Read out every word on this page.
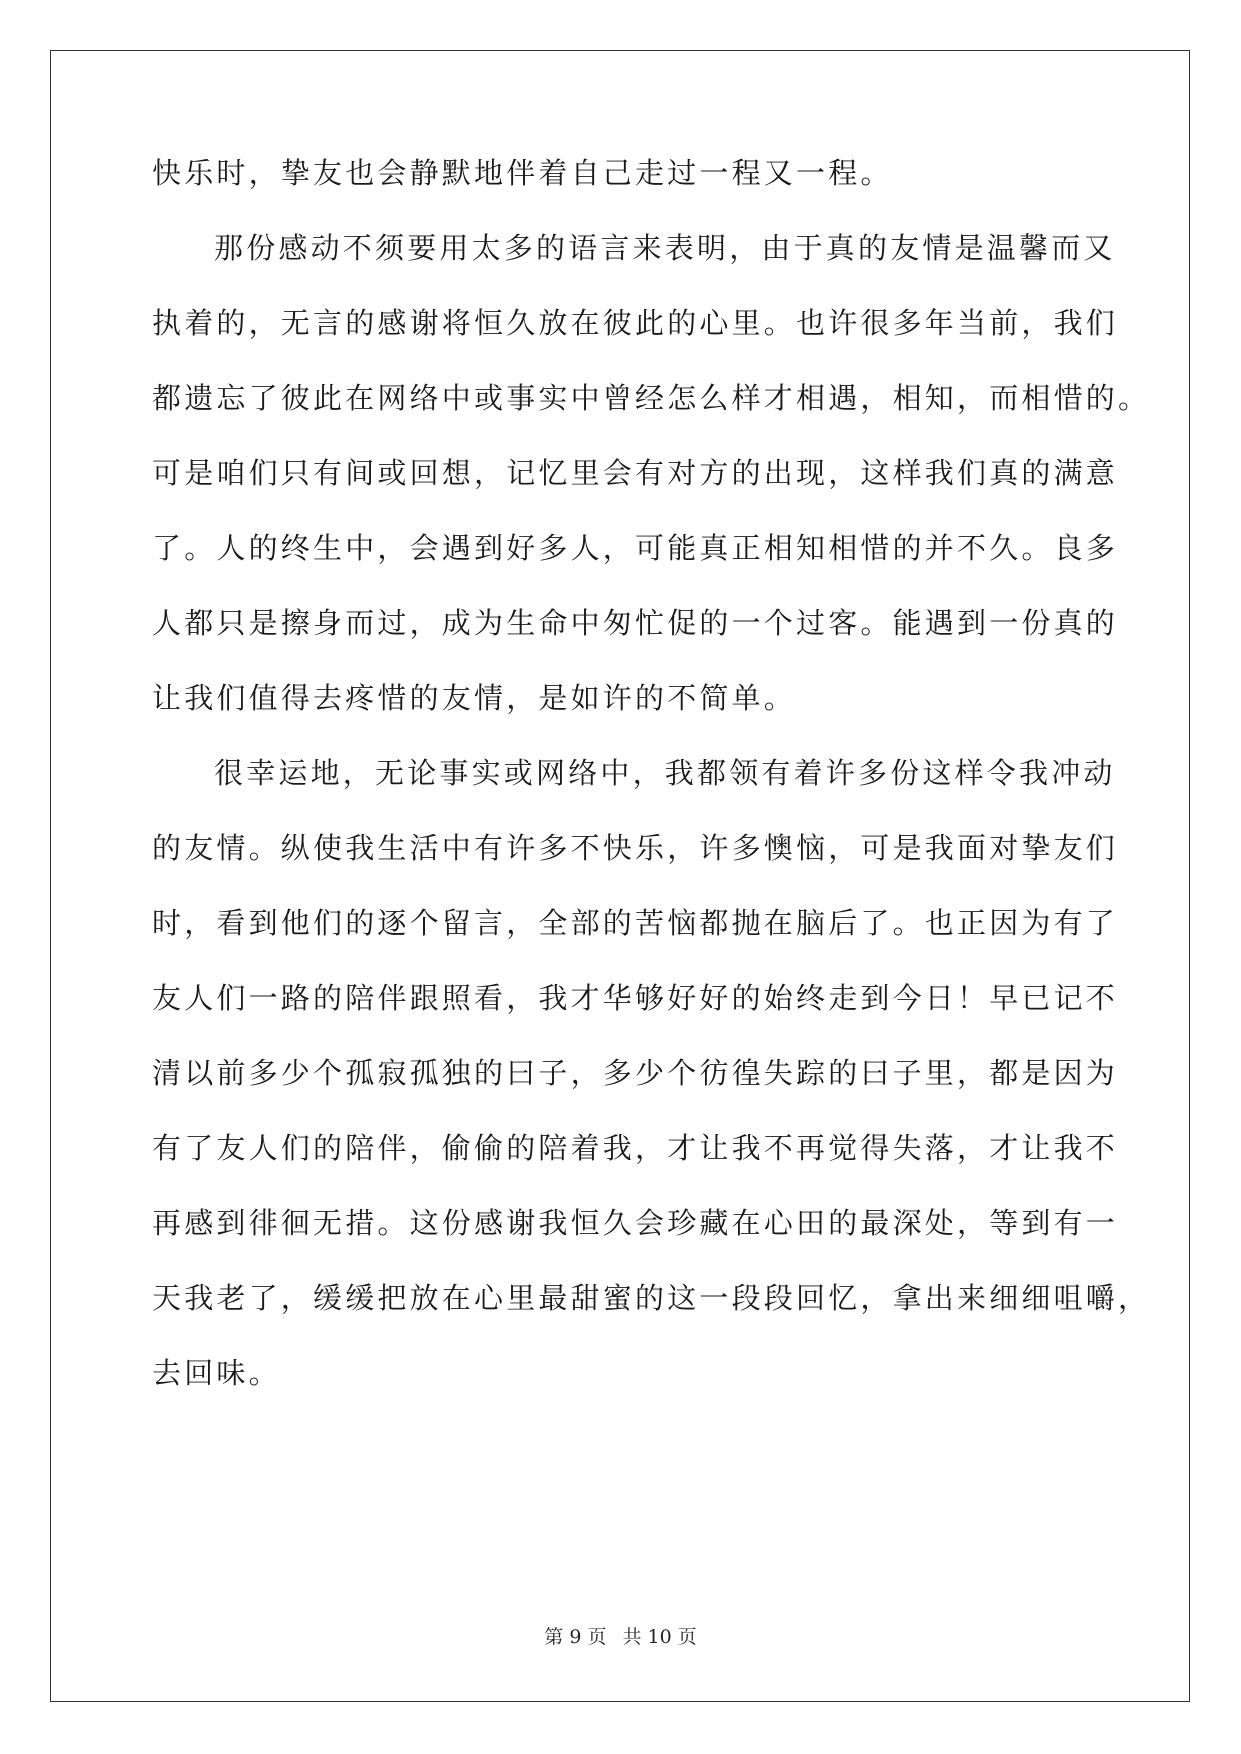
快乐时，挚友也会静默地伴着自己走过一程又一程。
那份感动不须要用太多的语言来表明，由于真的友情是温馨而又
执着的，无言的感谢将恒久放在彼此的心里。也许很多年当前，我们
都遗忘了彼此在网络中或事实中曾经怎么样才相遇，相知，而相惜的。
可是咱们只有间或回想，记忆里会有对方的出现，这样我们真的满意
了。人的终生中，会遇到好多人，可能真正相知相惜的并不久。良多
人都只是擦身而过，成为生命中匆忙促的一个过客。能遇到一份真的
让我们值得去疼惜的友情，是如许的不简单。
很幸运地，无论事实或网络中，我都领有着许多份这样令我冲动
的友情。纵使我生活中有许多不快乐，许多懊恼，可是我面对挚友们
时，看到他们的逐个留言，全部的苦恼都抛在脑后了。也正因为有了
友人们一路的陪伴跟照看，我才华够好好的始终走到今日！早已记不
清以前多少个孤寂孤独的曰子，多少个彷徨失踪的曰子里，都是因为
有了友人们的陪伴，偷偷的陪着我，才让我不再觉得失落，才让我不
再感到徘徊无措。这份感谢我恒久会珍藏在心田的最深处，等到有一
天我老了，缓缓把放在心里最甜蜜的这一段段回忆，拿出来细细咀嚼，
去回味。
第 9 页 共 10 页
